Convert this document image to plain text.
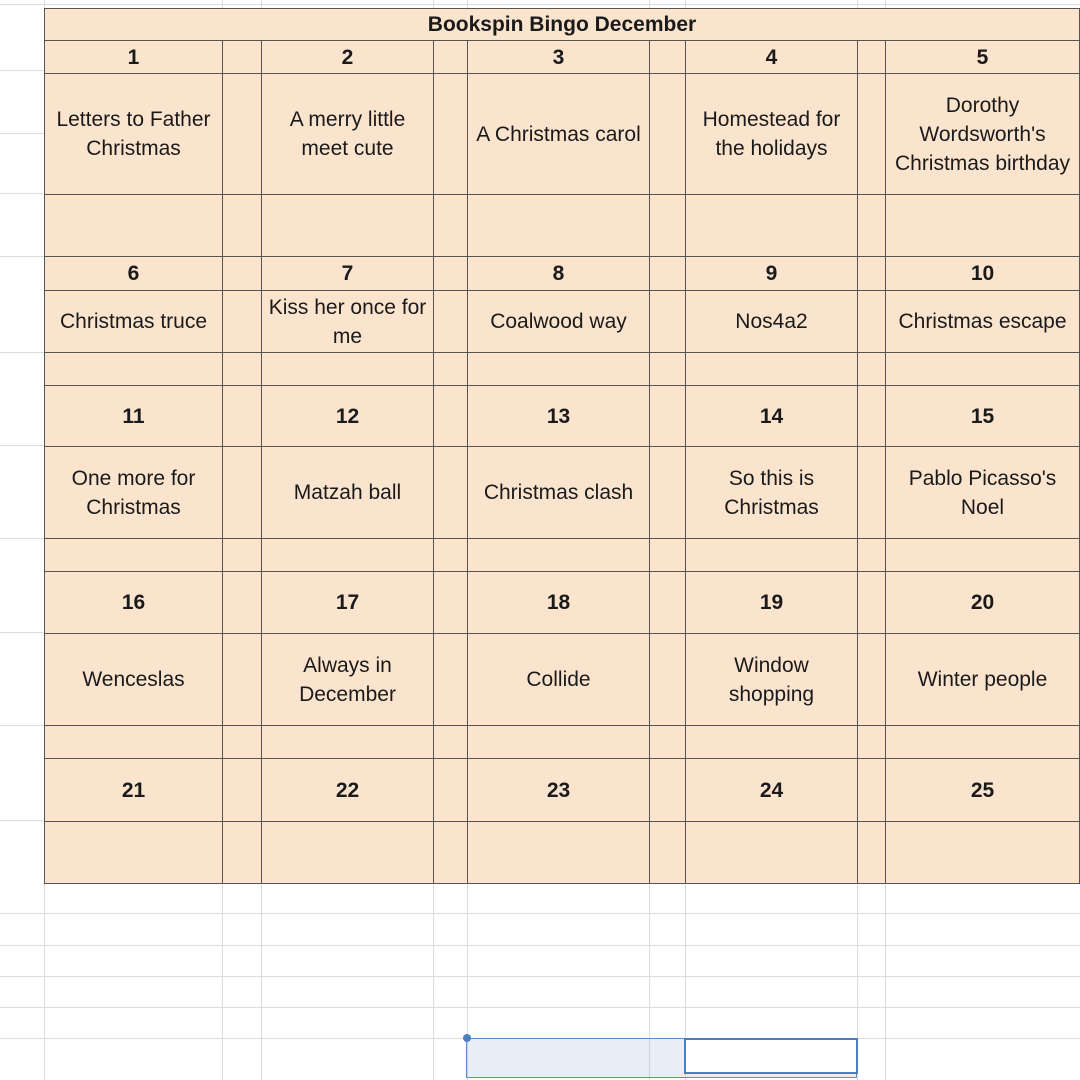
Bookspin Bingo December								
1		2		3		4		5
Letters to Father Christmas		A merry little meet cute		A Christmas carol		Homestead for the holidays		Dorothy Wordsworth's Christmas birthday

6		7		8		9		10
Christmas truce		Kiss her once for me		Coalwood way		Nos4a2		Christmas escape

11		12		13		14		15
One more for Christmas		Matzah ball		Christmas clash		So this is Christmas		Pablo Picasso's Noel

16		17		18		19		20
Wenceslas		Always in December		Collide		Window shopping		Winter people

21		22		23		24		25
